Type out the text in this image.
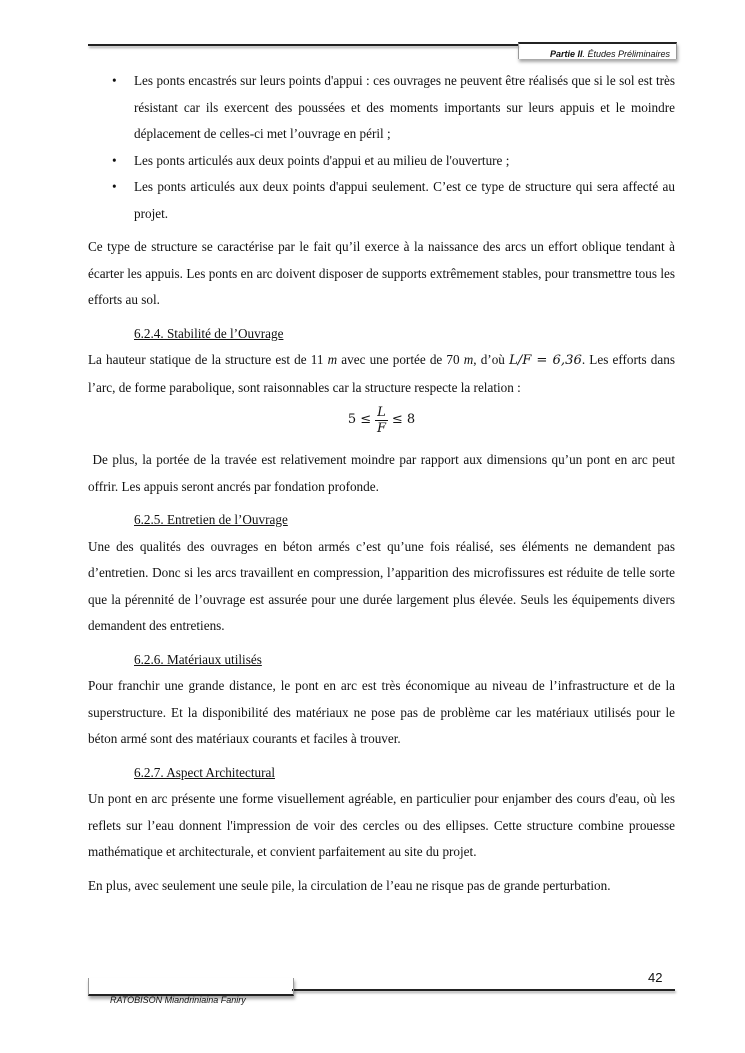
Partie II. Études Préliminaires
• Les ponts encastrés sur leurs points d'appui : ces ouvrages ne peuvent être réalisés que si le sol est très résistant car ils exercent des poussées et des moments importants sur leurs appuis et le moindre déplacement de celles-ci met l’ouvrage en péril ;
• Les ponts articulés aux deux points d'appui et au milieu de l'ouverture ;
• Les ponts articulés aux deux points d'appui seulement. C’est ce type de structure qui sera affecté au projet.

Ce type de structure se caractérise par le fait qu’il exerce à la naissance des arcs un effort oblique tendant à écarter les appuis. Les ponts en arc doivent disposer de supports extrêmement stables, pour transmettre tous les efforts au sol.

6.2.4. Stabilité de l’Ouvrage

La hauteur statique de la structure est de 11 m avec une portée de 70 m, d’où L/F = 6,36. Les efforts dans l’arc, de forme parabolique, sont raisonnables car la structure respecte la relation :

$5 \le \frac{L}{F} \le 8$

De plus, la portée de la travée est relativement moindre par rapport aux dimensions qu’un pont en arc peut offrir. Les appuis seront ancrés par fondation profonde.

6.2.5. Entretien de l’Ouvrage

Une des qualités des ouvrages en béton armés c’est qu’une fois réalisé, ses éléments ne demandent pas d’entretien. Donc si les arcs travaillent en compression, l’apparition des microfissures est réduite de telle sorte que la pérennité de l’ouvrage est assurée pour une durée largement plus élevée. Seuls les équipements divers demandent des entretiens.

6.2.6. Matériaux utilisés

Pour franchir une grande distance, le pont en arc est très économique au niveau de l’infrastructure et de la superstructure. Et la disponibilité des matériaux ne pose pas de problème car les matériaux utilisés pour le béton armé sont des matériaux courants et faciles à trouver.

6.2.7. Aspect Architectural

Un pont en arc présente une forme visuellement agréable, en particulier pour enjamber des cours d'eau, où les reflets sur l’eau donnent l'impression de voir des cercles ou des ellipses. Cette structure combine prouesse mathématique et architecturale, et convient parfaitement au site du projet.

En plus, avec seulement une seule pile, la circulation de l’eau ne risque pas de grande perturbation.

42
RATOBISON Miandriniaina Faniry
